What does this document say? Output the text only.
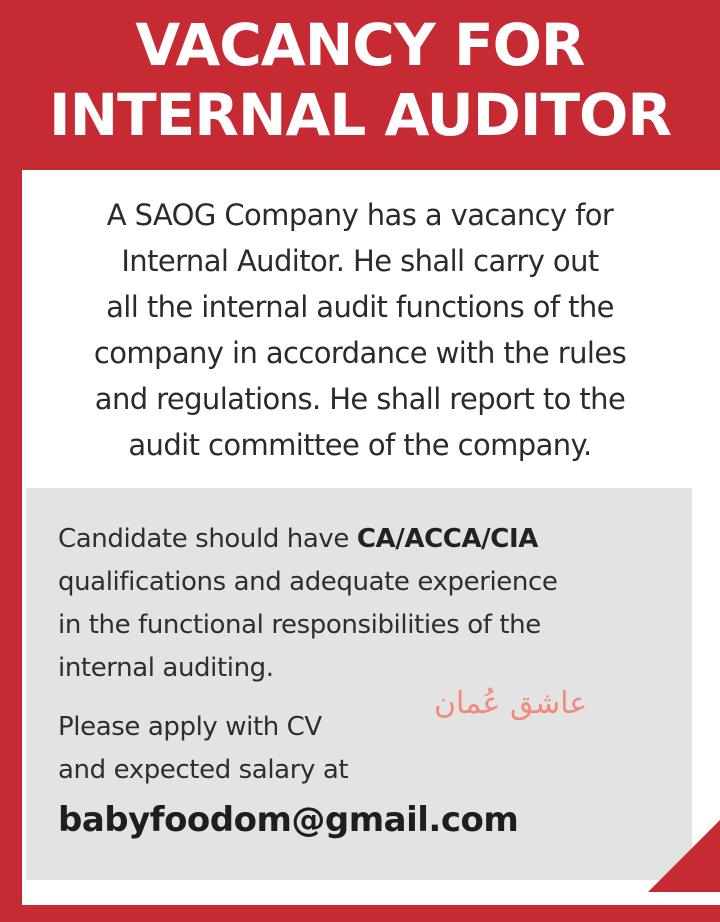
VACANCY FOR
INTERNAL AUDITOR
A SAOG Company has a vacancy for
Internal Auditor. He shall carry out
all the internal audit functions of the
company in accordance with the rules
and regulations. He shall report to the
audit committee of the company.
Candidate should have CA/ACCA/CIA
qualifications and adequate experience
in the functional responsibilities of the
internal auditing.
عاشق عُمان
Please apply with CV
and expected salary at
babyfoodom@gmail.com
